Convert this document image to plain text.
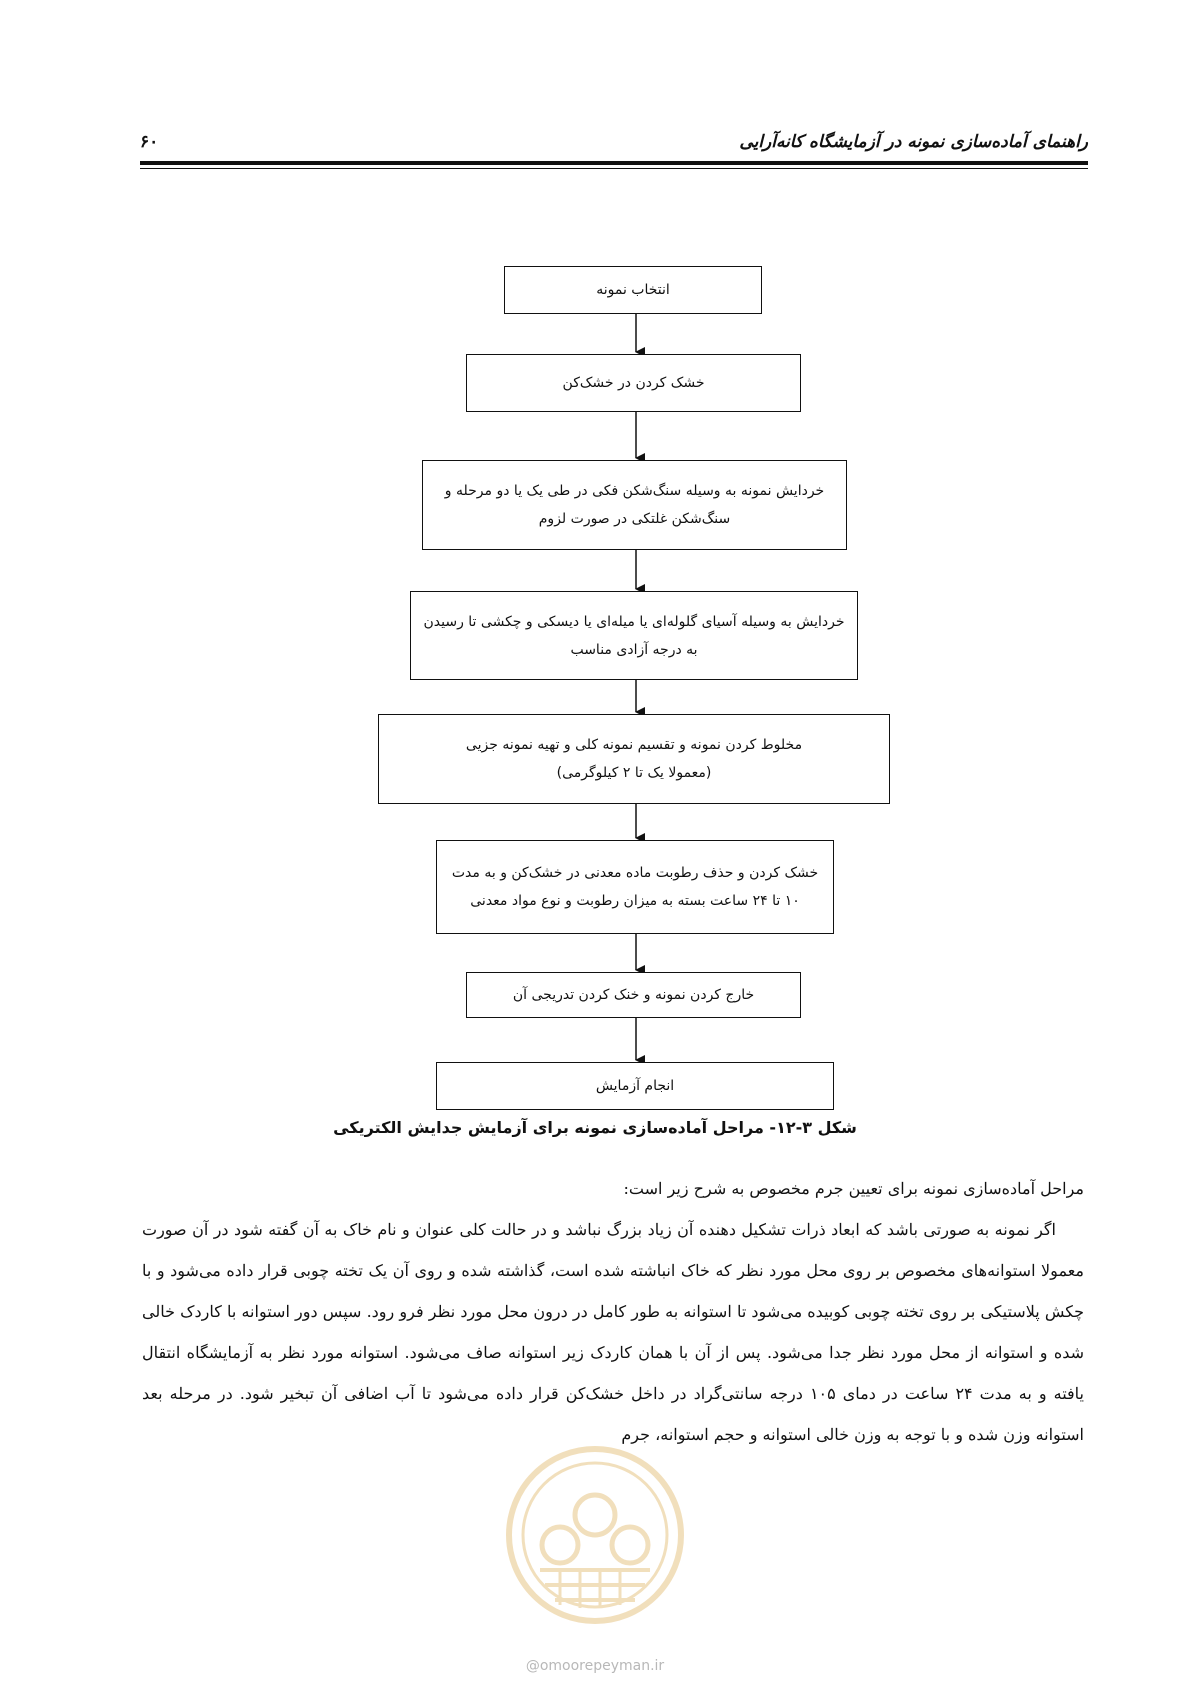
راهنمای آماده‌سازی نمونه در آزمایشگاه کانه‌آرایی
۶۰
انتخاب نمونه
خشک کردن در خشک‌کن
خردایش نمونه به وسیله سنگ‌شکن فکی در طی یک یا دو مرحله و
سنگ‌شکن غلتکی در صورت لزوم
خردایش به وسیله آسیای گلوله‌ای یا میله‌ای یا دیسکی و چکشی تا رسیدن
به درجه آزادی مناسب
مخلوط کردن نمونه و تقسیم نمونه کلی و تهیه نمونه جزیی
(معمولا یک تا ۲ کیلوگرمی)
خشک کردن و حذف رطوبت ماده معدنی در خشک‌کن و به مدت
۱۰ تا ۲۴ ساعت بسته به میزان رطوبت و نوع مواد معدنی
خارج کردن نمونه و خنک کردن تدریجی آن
انجام آزمایش
شکل ۳-۱۲- مراحل آماده‌سازی نمونه برای آزمایش جدایش الکتریکی

مراحل آماده‌سازی نمونه برای تعیین جرم مخصوص به شرح زیر است:

اگر نمونه به صورتی باشد که ابعاد ذرات تشکیل دهنده آن زیاد بزرگ نباشد و در حالت کلی عنوان و نام خاک به آن گفته شود در آن صورت معمولا استوانه‌های مخصوص بر روی محل مورد نظر که خاک انباشته شده است، گذاشته شده و روی آن یک تخته چوبی قرار داده می‌شود و با چکش پلاستیکی بر روی تخته چوبی کوبیده می‌شود تا استوانه به طور کامل در درون محل مورد نظر فرو رود. سپس دور استوانه با کاردک خالی شده و استوانه از محل مورد نظر جدا می‌شود. پس از آن با همان کاردک زیر استوانه صاف می‌شود. استوانه مورد نظر به آزمایشگاه انتقال یافته و به مدت ۲۴ ساعت در دمای ۱۰۵ درجه سانتی‌گراد در داخل خشک‌کن قرار داده می‌شود تا آب اضافی آن تبخیر شود. در مرحله بعد استوانه وزن شده و با توجه به وزن خالی استوانه و حجم استوانه، جرم

@omoorepeyman.ir
